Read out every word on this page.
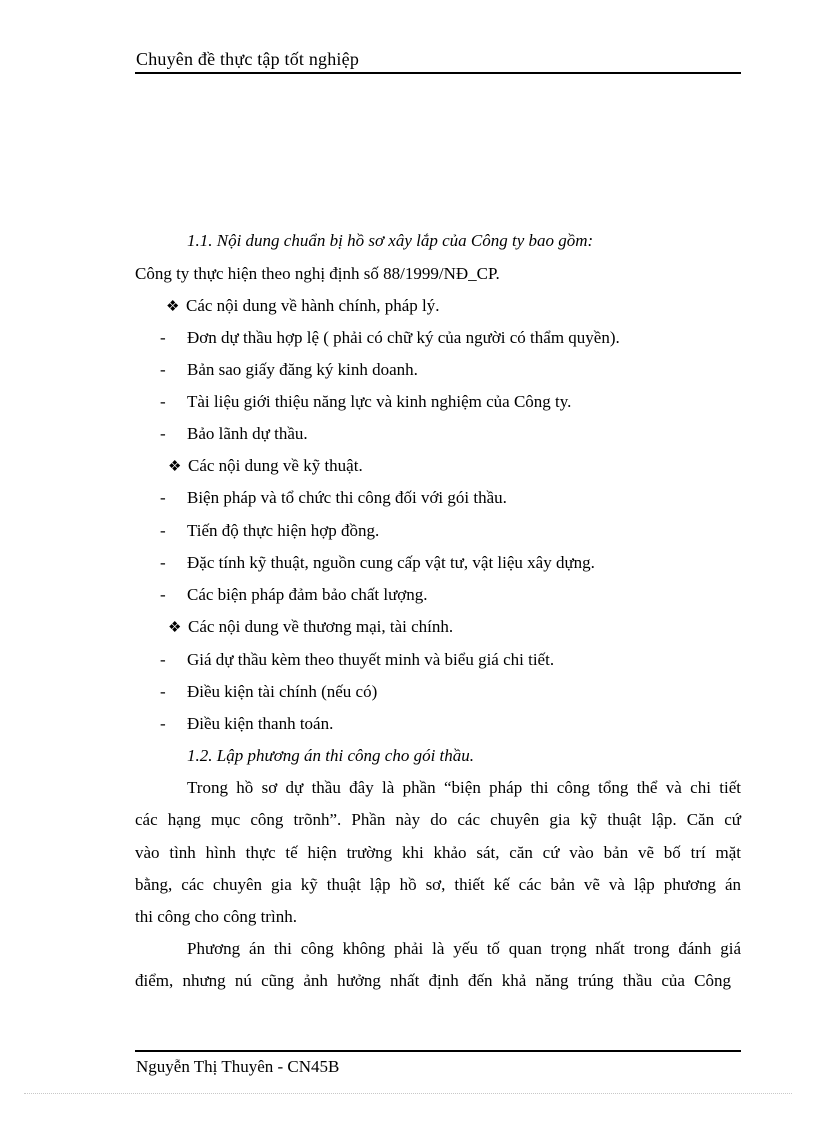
Chuyên đề thực tập tốt nghiệp
1.1. Nội dung chuẩn bị hồ sơ xây lắp của Công ty bao gồm:
Công ty thực hiện theo nghị định số 88/1999/NĐ_CP.
❖ Các nội dung về hành chính, pháp lý.
- Đơn dự thầu hợp lệ ( phải có chữ ký của người có thẩm quyền).
- Bản sao giấy đăng ký kinh doanh.
- Tài liệu giới thiệu năng lực và kinh nghiệm của Công ty.
- Bảo lãnh dự thầu.
❖ Các nội dung về kỹ thuật.
- Biện pháp và tổ chức thi công đối với gói thầu.
- Tiến độ thực hiện hợp đồng.
- Đặc tính kỹ thuật, nguồn cung cấp vật tư, vật liệu xây dựng.
- Các biện pháp đảm bảo chất lượng.
❖ Các nội dung về thương mại, tài chính.
- Giá dự thầu kèm theo thuyết minh và biểu giá chi tiết.
- Điều kiện tài chính (nếu có)
- Điều kiện thanh toán.
1.2. Lập phương án thi công cho gói thầu.
Trong hồ sơ dự thầu đây là phần “biện pháp thi công tổng thể và chi tiết
các hạng mục công trõnh”. Phần này do các chuyên gia kỹ thuật lập. Căn cứ
vào tình hình thực tế hiện trường khi khảo sát, căn cứ vào bản vẽ bố trí mặt
bằng, các chuyên gia kỹ thuật lập hồ sơ, thiết kế các bản vẽ và lập phương án
thi công cho công trình.
Phương án thi công không phải là yếu tố quan trọng nhất trong đánh giá
điểm, nhưng nú cũng ảnh hưởng nhất định đến khả năng trúng thầu của Công
Nguyễn Thị Thuyên - CN45B
